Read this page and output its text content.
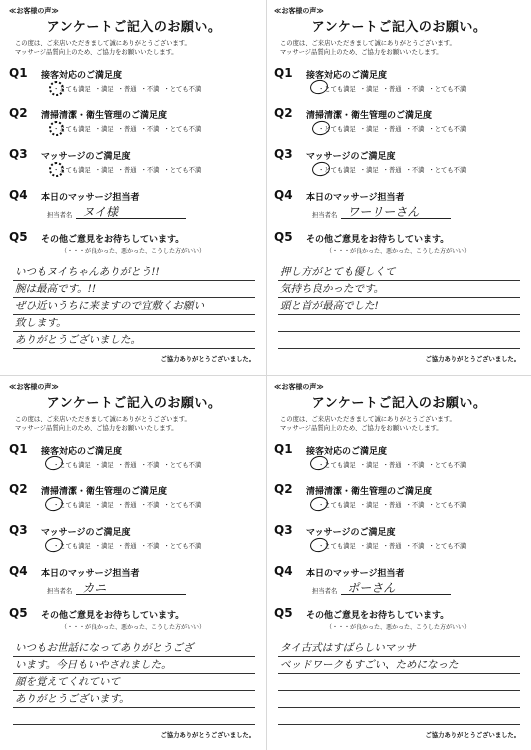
≪お客様の声≫
アンケートご記入のお願い。
この度は、ご来店いただきまして誠にありがとうございます。
マッサージ品質向上のため、ご協力をお願いいたします。
Q1 接客対応のご満足度
・とても満足 ・満足 ・普通 ・不満 ・とても不満
Q2 清掃清潔・衛生管理のご満足度
・とても満足 ・満足 ・普通 ・不満 ・とても不満
Q3 マッサージのご満足度
・とても満足 ・満足 ・普通 ・不満 ・とても不満
Q4 本日のマッサージ担当者
担当者名 ヌイ様
Q5 その他ご意見をお待ちしています。
（・・・が良かった、悪かった、こうした方がいい）
いつもヌイちゃんありがとう!!
腕は最高です。!!
ぜひ近いうちに来ますので宜敷くお願い
致します。
ありがとうございました。
ご協力ありがとうございました。
≪お客様の声≫
アンケートご記入のお願い。
この度は、ご来店いただきまして誠にありがとうございます。
マッサージ品質向上のため、ご協力をお願いいたします。
Q1 接客対応のご満足度
・とても満足 ・満足 ・普通 ・不満 ・とても不満
Q2 清掃清潔・衛生管理のご満足度
・とても満足 ・満足 ・普通 ・不満 ・とても不満
Q3 マッサージのご満足度
・とても満足 ・満足 ・普通 ・不満 ・とても不満
Q4 本日のマッサージ担当者
担当者名 ワーリーさん
Q5 その他ご意見をお待ちしています。
（・・・が良かった、悪かった、こうした方がいい）
押し方がとても優しくて
気持ち良かったです。
頭と首が最高でした!
ご協力ありがとうございました。
≪お客様の声≫
アンケートご記入のお願い。
この度は、ご来店いただきまして誠にありがとうございます。
マッサージ品質向上のため、ご協力をお願いいたします。
Q1 接客対応のご満足度
・とても満足 ・満足 ・普通 ・不満 ・とても不満
Q2 清掃清潔・衛生管理のご満足度
・とても満足 ・満足 ・普通 ・不満 ・とても不満
Q3 マッサージのご満足度
・とても満足 ・満足 ・普通 ・不満 ・とても不満
Q4 本日のマッサージ担当者
担当者名 カニ
Q5 その他ご意見をお待ちしています。
（・・・が良かった、悪かった、こうした方がいい）
いつもお世話になってありがとうござ
います。今日もいやされました。
顔を覚えてくれていて
ありがとうございます。
ご協力ありがとうございました。
≪お客様の声≫
アンケートご記入のお願い。
この度は、ご来店いただきまして誠にありがとうございます。
マッサージ品質向上のため、ご協力をお願いいたします。
Q1 接客対応のご満足度
・とても満足 ・満足 ・普通 ・不満 ・とても不満
Q2 清掃清潔・衛生管理のご満足度
・とても満足 ・満足 ・普通 ・不満 ・とても不満
Q3 マッサージのご満足度
・とても満足 ・満足 ・普通 ・不満 ・とても不満
Q4 本日のマッサージ担当者
担当者名 ポーさん
Q5 その他ご意見をお待ちしています。
（・・・が良かった、悪かった、こうした方がいい）
タイ古式はすばらしいマッサ
ベッドワークもすごい、ためになった
ご協力ありがとうございました。
